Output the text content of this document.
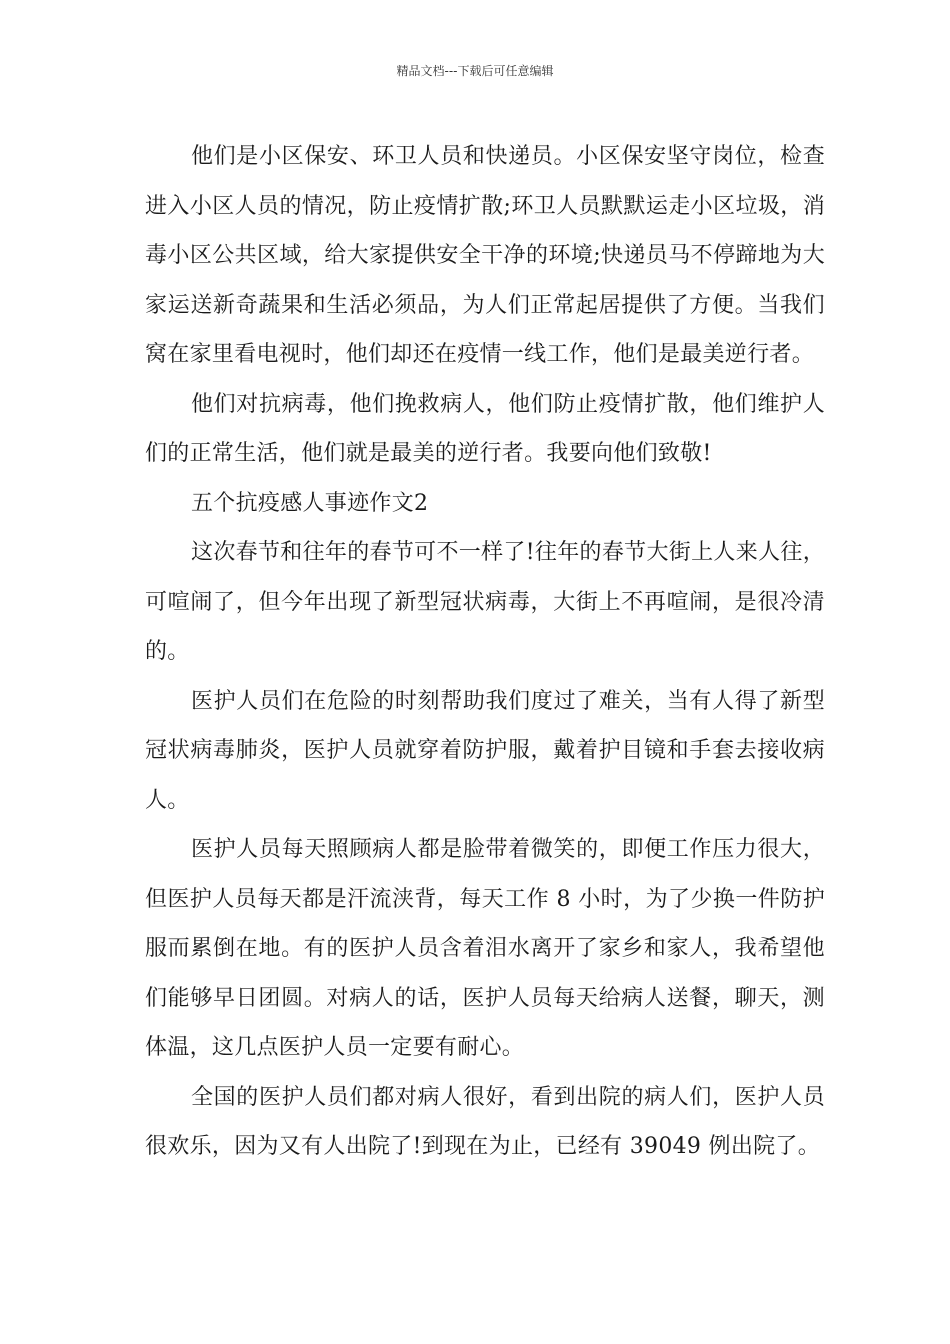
精品文档---下载后可任意编辑

他们是小区保安、环卫人员和快递员。小区保安坚守岗位，检查进入小区人员的情况，防止疫情扩散;环卫人员默默运走小区垃圾，消毒小区公共区域，给大家提供安全干净的环境;快递员马不停蹄地为大家运送新奇蔬果和生活必须品，为人们正常起居提供了方便。当我们窝在家里看电视时，他们却还在疫情一线工作，他们是最美逆行者。

他们对抗病毒，他们挽救病人，他们防止疫情扩散，他们维护人们的正常生活，他们就是最美的逆行者。我要向他们致敬!

五个抗疫感人事迹作文2

这次春节和往年的春节可不一样了!往年的春节大街上人来人往，可喧闹了，但今年出现了新型冠状病毒，大街上不再喧闹，是很冷清的。

医护人员们在危险的时刻帮助我们度过了难关，当有人得了新型冠状病毒肺炎，医护人员就穿着防护服，戴着护目镜和手套去接收病人。

医护人员每天照顾病人都是脸带着微笑的，即便工作压力很大，但医护人员每天都是汗流浃背，每天工作 8 小时，为了少换一件防护服而累倒在地。有的医护人员含着泪水离开了家乡和家人，我希望他们能够早日团圆。对病人的话，医护人员每天给病人送餐，聊天，测体温，这几点医护人员一定要有耐心。

全国的医护人员们都对病人很好，看到出院的病人们，医护人员很欢乐，因为又有人出院了!到现在为止，已经有 39049 例出院了。
